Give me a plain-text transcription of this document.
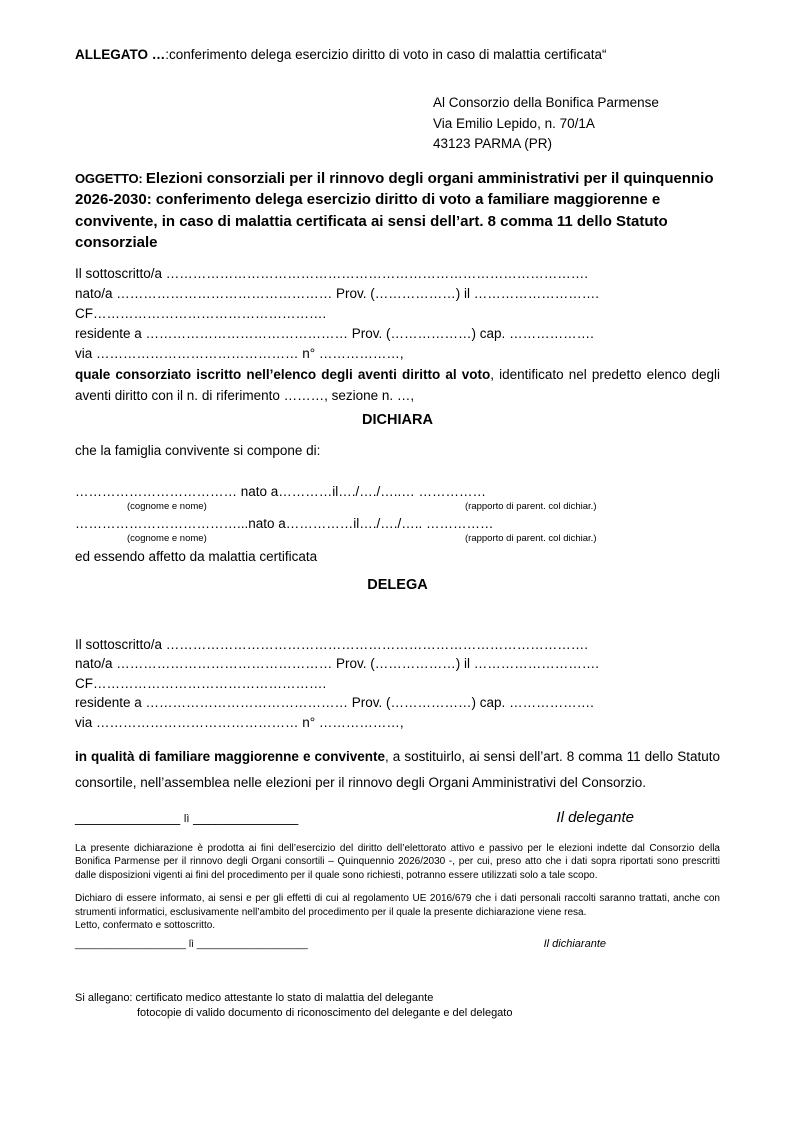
ALLEGATO …:conferimento delega esercizio diritto di voto in caso di malattia certificata“
Al Consorzio della Bonifica Parmense
Via Emilio Lepido, n. 70/1A
43123 PARMA (PR)
OGGETTO: Elezioni consorziali per il rinnovo degli organi amministrativi per il quinquennio
2026-2030: conferimento delega esercizio diritto di voto a familiare maggiorenne e
convivente, in caso di malattia certificata ai sensi dell’art. 8 comma 11 dello Statuto
consorziale
Il sottoscritto/a ………………………………………………………………………………….
nato/a ………………………………………… Prov. (………………) il ……………………….
CF…………………………………………….
residente a ……………………………………… Prov. (………………) cap. ……………….
via ……………………………………… n° ………………,
quale consorziato iscritto nell’elenco degli aventi diritto al voto, identificato nel predetto elenco degli
aventi diritto con il n. di riferimento ………, sezione n. …,
DICHIARA
che la famiglia convivente si compone di:
……………………………… nato a…………il…./…./…..… ……………
(cognome e nome)	(rapporto di parent. col dichiar.)
………………………………...nato a……………il…./…./….. ……………
(cognome e nome)	(rapporto di parent. col dichiar.)
ed essendo affetto da malattia certificata
DELEGA
Il sottoscritto/a ………………………………………………………………………………….
nato/a ………………………………………… Prov. (………………) il ……………………….
CF…………………………………………….
residente a ……………………………………… Prov. (………………) cap. ……………….
via ……………………………………… n° ………………,
in qualità di familiare maggiorenne e convivente, a sostituirlo, ai sensi dell’art. 8 comma 11 dello Statuto
consortile, nell’assemblea nelle elezioni per il rinnovo degli Organi Amministrativi del Consorzio.
______________ lì ______________	Il delegante
La presente dichiarazione è prodotta ai fini dell’esercizio del diritto dell’elettorato attivo e passivo per le elezioni indette dal Consorzio della Bonifica Parmense per il rinnovo degli Organi consortili – Quinquennio 2026/2030 -, per cui, preso atto che i dati sopra riportati sono prescritti dalle disposizioni vigenti ai fini del procedimento per il quale sono richiesti, potranno essere utilizzati solo a tale scopo.
Dichiaro di essere informato, ai sensi e per gli effetti di cui al regolamento UE 2016/679 che i dati personali raccolti saranno trattati, anche con strumenti informatici, esclusivamente nell’ambito del procedimento per il quale la presente dichiarazione viene resa.
Letto, confermato e sottoscritto.
___________________ lì ___________________	Il dichiarante
Si allegano: certificato medico attestante lo stato di malattia del delegante
fotocopie di valido documento di riconoscimento del delegante e del delegato
